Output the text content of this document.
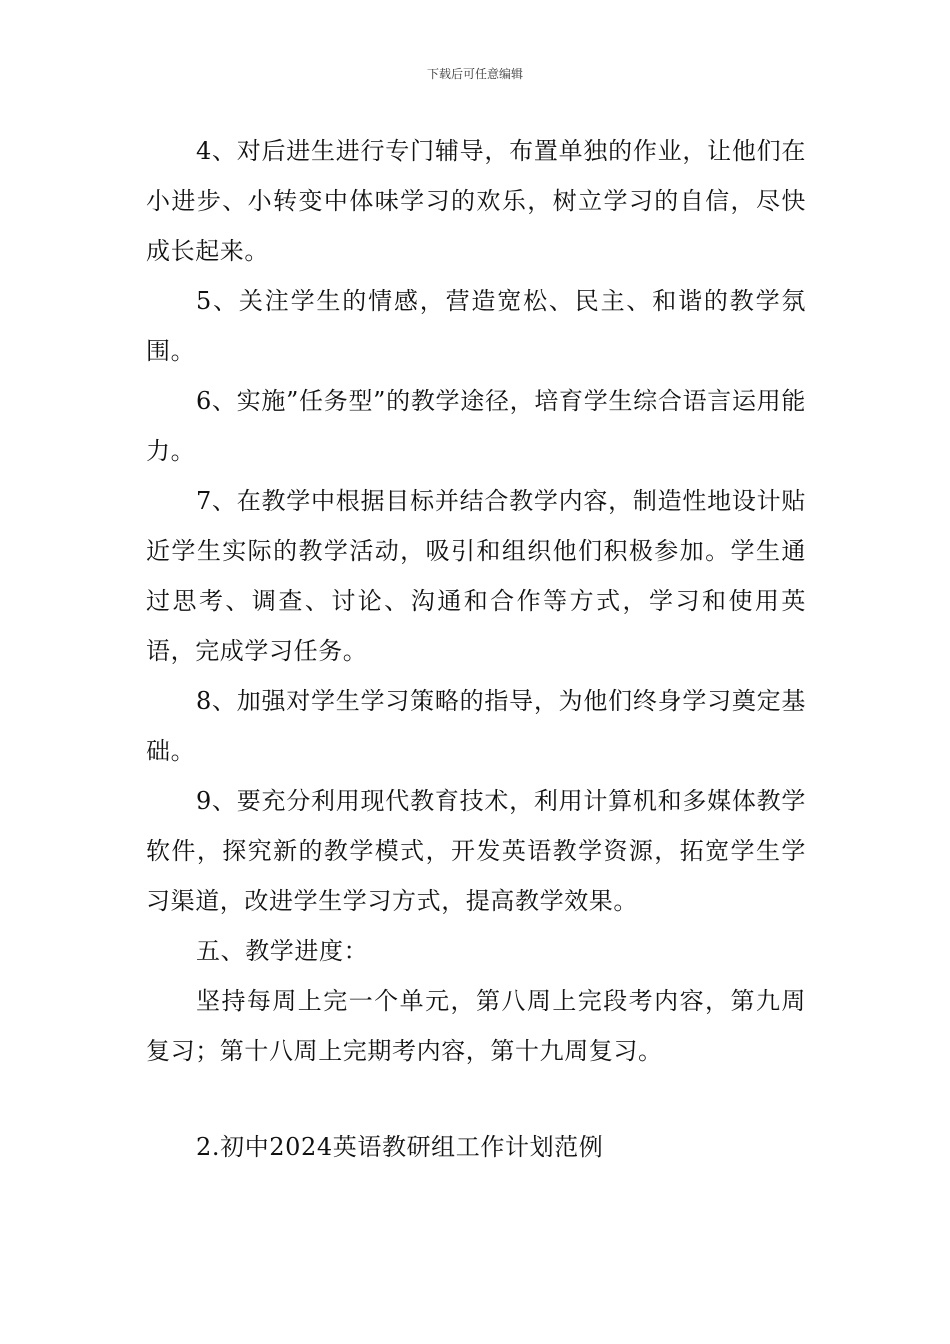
下载后可任意编辑

4、对后进生进行专门辅导，布置单独的作业，让他们在小进步、小转变中体味学习的欢乐，树立学习的自信，尽快成长起来。

5、关注学生的情感，营造宽松、民主、和谐的教学氛围。

6、实施”任务型”的教学途径，培育学生综合语言运用能力。

7、在教学中根据目标并结合教学内容，制造性地设计贴近学生实际的教学活动，吸引和组织他们积极参加。学生通过思考、调查、讨论、沟通和合作等方式，学习和使用英语，完成学习任务。

8、加强对学生学习策略的指导，为他们终身学习奠定基础。

9、要充分利用现代教育技术，利用计算机和多媒体教学软件，探究新的教学模式，开发英语教学资源，拓宽学生学习渠道，改进学生学习方式，提高教学效果。

五、教学进度：

坚持每周上完一个单元，第八周上完段考内容，第九周复习；第十八周上完期考内容，第十九周复习。

2.初中2024英语教研组工作计划范例
